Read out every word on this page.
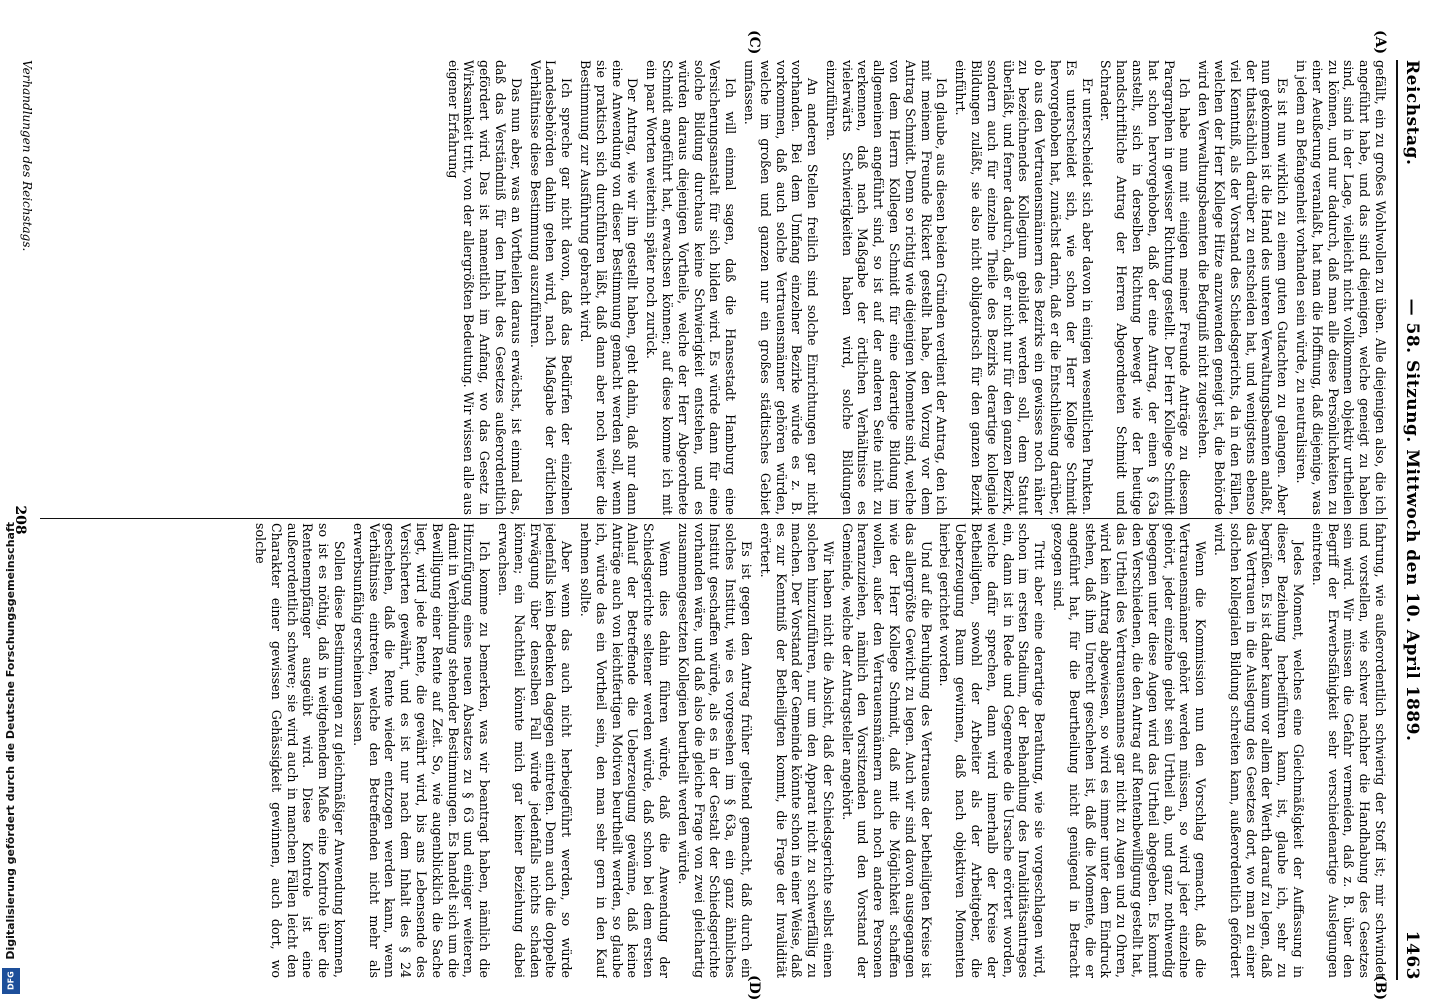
Digitalisierung gefördert durch die Deutsche Forschungsgemeinschaft
DFG
Reichstag.
— 58. Sitzung. Mittwoch den 10. April 1889.
1463
(A)
(C)
(B)
(D)

gefällt, ein zu großes Wohlwollen zu üben. Alle diejenigen also, die ich angeführt habe, und das sind diejenigen, welche geneigt zu haben sind, sind in der Lage, vielleicht nicht vollkommen objektiv urtheilen zu können, und nur dadurch, daß man alle diese Persönlichkeiten zu einer Aeußerung veranlaßt, hat man die Hoffnung, daß diejenige, was in jedem an Befangenheit vorhanden sein würde, zu neutralisiren.

Es ist nun wirklich zu einem guten Gutachten zu gelangen. Aber nun gekommen ist die Hand des unteren Verwaltungsbeamten anlaßt, der thatsächlich darüber zu entscheiden hat, und wenigstens ebenso viel Kenntniß, als der Vorstand des Schiedsgerichts, da in den Fällen, welchen der Herr Kollege Hitze anzuwenden geneigt ist, die Behörde wird den Verwaltungsbeamten die Befugniß nicht zugestehen.

Ich habe nun mit einigen meiner Freunde Anträge zu diesem Paragraphen in gewisser Richtung gestellt. Der Herr Kollege Schmidt hat schon hervorgehoben, daß der eine Antrag, der einen § 63a anstellt, sich in derselben Richtung bewegt wie der heutige handschriftliche Antrag der Herren Abgeordneten Schmidt und Schrader.

Er unterscheidet sich aber davon in einigen wesentlichen Punkten. Es unterscheidet sich, wie schon der Herr Kollege Schmidt hervorgehoben hat, zunächst darin, daß er die Entschließung darüber, ob aus den Vertrauensmännern des Bezirks ein gewisses noch näher zu bezeichnendes Kollegium gebildet werden soll, dem Statut überläßt, und ferner dadurch, daß er nicht nur für den ganzen Bezirk, sondern auch für einzelne Theile des Bezirks derartige kollegiale Bildungen zuläßt, sie also nicht obligatorisch für den ganzen Bezirk einführt.

Ich glaube, aus diesen beiden Gründen verdient der Antrag, den ich mit meinem Freunde Rickert gestellt habe, den Vorzug vor dem Antrag Schmidt. Denn so richtig wie diejenigen Momente sind, welche von dem Herrn Kollegen Schmidt für eine derartige Bildung im allgemeinen angeführt sind, so ist auf der anderen Seite nicht zu verkennen, daß nach Maßgabe der örtlichen Verhältnisse es vielerwärts Schwierigkeiten haben wird, solche Bildungen einzuführen.

An anderen Stellen freilich sind solche Einrichtungen gar nicht vorhanden. Bei dem Umfang einzelner Bezirke würde es z. B. vorkommen, daß auch solche Vertrauensmänner gehören würden, welche im großen und ganzen nur ein großes städtisches Gebiet umfassen.

Ich will einmal sagen, daß die Hansestadt Hamburg eine Versicherungsanstalt für sich bilden wird. Es würde dann für eine solche Bildung durchaus keine Schwierigkeit entstehen, und es würden daraus diejenigen Vortheile, welche der Herr Abgeordnete Schmidt angeführt hat, erwachsen können; auf diese komme ich mit ein paar Worten weiterhin später noch zurück.

Der Antrag, wie wir ihn gestellt haben, geht dahin, daß nur dann eine Anwendung von dieser Bestimmung gemacht werden soll, wenn sie praktisch sich durchführen läßt, daß dann aber noch weiter die Bestimmung zur Ausführung gebracht wird.

Ich spreche gar nicht davon, daß das Bedürfen der einzelnen Landesbehörden dahin gehen wird, nach Maßgabe der örtlichen Verhältnisse diese Bestimmung auszuführen.

Das nun aber, was an Vortheilen daraus erwächst, ist einmal das, daß das Verständniß für den Inhalt des Gesetzes außerordentlich gefördert wird. Das ist namentlich im Anfang, wo das Gesetz in Wirksamkeit tritt, von der allergrößten Bedeutung. Wir wissen alle aus eigener Erfahrung

fahrung, wie außerordentlich schwierig der Stoff ist; mir schwindet und vorstellen, wie schwer nachher die Handhabung des Gesetzes sein wird. Wir müssen die Gefahr vermeiden, daß z. B. über den Begriff der Erwerbsfähigkeit sehr verschiedenartige Auslegungen eintreten.

Jedes Moment, welches eine Gleichmäßigkeit der Auffassung in dieser Beziehung herbeiführen kann, ist, glaube ich, sehr zu begrüßen. Es ist daher kaum vor allem der Werth darauf zu legen, daß das Vertrauen in die Auslegung des Gesetzes dort, wo man zu einer solchen kollegialen Bildung schreiten kann, außerordentlich gefördert wird.

Wenn die Kommission nun den Vorschlag gemacht, daß die Vertrauensmänner gehört werden müssen, so wird jeder einzelne gehört, jeder einzelne giebt sein Urtheil ab, und ganz nothwendig begegnen unter diese Augen wird das Urtheil abgegeben. Es kommt den Verschiedenen, die den Antrag auf Rentenbewilligung gestellt hat, das Urtheil des Vertrauensmannes gar nicht zu Augen und zu Ohren, wird kein Antrag abgewiesen, so wird es immer unter dem Eindruck stehen, daß ihm Unrecht geschehen ist, daß die Momente, die er angeführt hat, für die Beurtheilung nicht genügend in Betracht gezogen sind.

Tritt aber eine derartige Berathung, wie sie vorgeschlagen wird, schon im ersten Stadium, der Behandlung des Invaliditätsantrages ein, dann ist in Rede und Gegenrede die Ursache erörtert worden, welche dafür sprechen, dann wird innerhalb der Kreise der Betheiligten, sowohl der Arbeiter als der Arbeitgeber, die Ueberzeugung Raum gewinnen, daß nach objektiven Momenten hierbei gerichtet worden.

Und auf die Beruhigung des Vertrauens der betheiligten Kreise ist das allergrößte Gewicht zu legen. Auch wir sind davon ausgegangen wie der Herr Kollege Schmidt, daß mit die Möglichkeit schaffen wollen, außer den Vertrauensmännern auch noch andere Personen heranzuziehen, nämlich den Vorsitzenden und den Vorstand der Gemeinde, welche der Antragsteller angehört.

Wir haben nicht die Absicht, daß der Schiedsgerichte selbst einen solchen hinzuzuführen, nur um den Apparat nicht zu schwerfällig zu machen. Der Vorstand der Gemeinde könnte schon in einer Weise, daß es zur Kenntniß der Betheiligten kommt, die Frage der Invalidität erörtert.

Es ist gegen den Antrag früher geltend gemacht, daß durch ein solches Institut, wie es vorgesehen im § 63a, ein ganz ähnliches Institut geschaffen würde, als es in der Gestalt der Schiedsgerichte vorhanden wäre, und daß also die gleiche Frage von zwei gleichartig zusammengesetzten Kollegien beurtheilt werden würde.

Wenn dies dahin führen würde, daß die Anwendung der Schiedsgerichte seltener werden würde, daß schon bei dem ersten Anlauf der Betreffende die Ueberzeugung gewänne, daß keine Anträge auch von leichtfertigen Motiven beurtheilt werden, so glaube ich, würde das ein Vortheil sein, den man sehr gern in den Kauf nehmen sollte.

Aber wenn das auch nicht herbeigeführt werden, so würde jedenfalls kein Bedenken dagegen eintreten. Denn auch die doppelte Erwägung über denselben Fall würde jedenfalls nichts schaden können; ein Nachtheil könnte mich gar keiner Beziehung dabei erwachsen.

Ich komme zu bemerken, was wir beantragt haben, nämlich die Hinzufügung eines neuen Absatzes zu § 63 und einiger weiteren, damit in Verbindung stehender Bestimmungen. Es handelt sich um die Bewilligung einer Rente auf Zeit. So, wie augenblicklich die Sache liegt, wird jede Rente, die gewährt wird, bis ans Lebensende des Versicherten gewährt, und es ist nur nach dem Inhalt des § 24 geschehen, daß die Rente wieder entzogen werden kann, wenn Verhältnisse eintreten, welche den Betreffenden nicht mehr als erwerbsunfähig erscheinen lassen.

Sollen diese Bestimmungen zu gleichmäßiger Anwendung kommen, so ist es nöthig, daß in weitgehendem Maße eine Kontrole über die Rentenempfänger ausgeübt wird. Diese Kontrole ist eine außerordentlich schwere; sie wird auch in manchen Fällen leicht den Charakter einer gewissen Gehässigkeit gewinnen, auch dort, wo solche

Verhandlungen des Reichstags.
208
